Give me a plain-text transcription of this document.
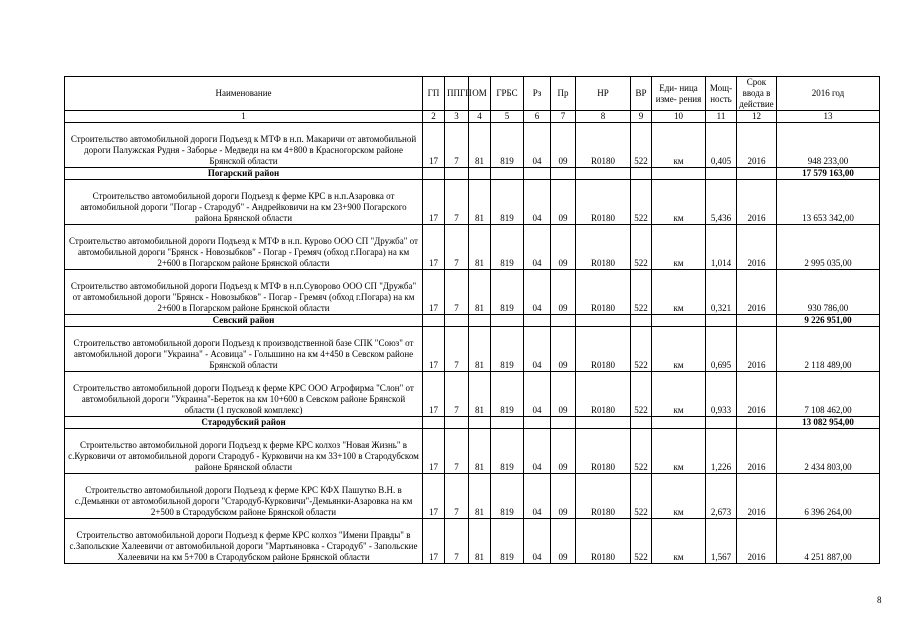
Наименование	ГП	ППГП	ОМ	ГРБС	Рз	Пр	НР	ВР	Еди- ница изме- рения	Мощ- ность	Срок ввода в действие	2016 год
1	2	3	4	5	6	7	8	9	10	11	12	13
Строительство автомобильной дороги Подъезд к МТФ в н.п. Макаричи от автомобильной дороги Палужская Рудня - Заборье - Медведи на км 4+800 в Красногорском районе Брянской области	17	7	81	819	04	09	R0180	522	км	0,405	2016	948 233,00
Погарский район												17 579 163,00
Строительство автомобильной дороги Подъезд к ферме КРС в н.п.Азаровка от автомобильной дороги "Погар - Стародуб" - Андрейковичи на км 23+900 Погарского района Брянской области	17	7	81	819	04	09	R0180	522	км	5,436	2016	13 653 342,00
Строительство автомобильной дороги Подъезд к МТФ в н.п. Курово ООО СП "Дружба" от автомобильной дороги "Брянск - Новозыбков" - Погар - Гремяч (обход г.Погара) на км 2+600 в Погарском районе Брянской области	17	7	81	819	04	09	R0180	522	км	1,014	2016	2 995 035,00
Строительство автомобильной дороги Подъезд к МТФ в н.п.Суворово ООО СП "Дружба" от автомобильной дороги "Брянск - Новозыбков" - Погар - Гремяч (обход г.Погара) на км 2+600 в Погарском районе Брянской области	17	7	81	819	04	09	R0180	522	км	0,321	2016	930 786,00
Севский район												9 226 951,00
Строительство автомобильной дороги Подъезд к производственной базе СПК "Союз" от автомобильной дороги "Украина" - Асовица" - Голышино на км 4+450 в Севском районе Брянской области	17	7	81	819	04	09	R0180	522	км	0,695	2016	2 118 489,00
Строительство автомобильной дороги Подъезд к ферме КРС ООО Агрофирма "Слон" от автомобильной дороги "Украина"-Береток на км 10+600 в Севском районе Брянской области (1 пусковой комплекс)	17	7	81	819	04	09	R0180	522	км	0,933	2016	7 108 462,00
Стародубский район												13 082 954,00
Строительство автомобильной дороги Подъезд к ферме КРС колхоз "Новая Жизнь" в с.Курковичи от автомобильной дороги Стародуб - Курковичи на км 33+100 в Стародубском районе Брянской области	17	7	81	819	04	09	R0180	522	км	1,226	2016	2 434 803,00
Строительство автомобильной дороги Подъезд к ферме КРС КФХ Пашутко В.Н. в с.Демьянки от автомобильной дороги "Стародуб-Курковичи"-Демьянки-Азаровка на км 2+500 в Стародубском районе Брянской области	17	7	81	819	04	09	R0180	522	км	2,673	2016	6 396 264,00
Строительство автомобильной дороги Подъезд к ферме КРС колхоз "Имени Правды" в с.Запольские Халеевичи от автомобильной дороги "Мартьяновка - Стародуб" - Запольские Халеевичи на км 5+700 в Стародубском районе Брянской области	17	7	81	819	04	09	R0180	522	км	1,567	2016	4 251 887,00
8
